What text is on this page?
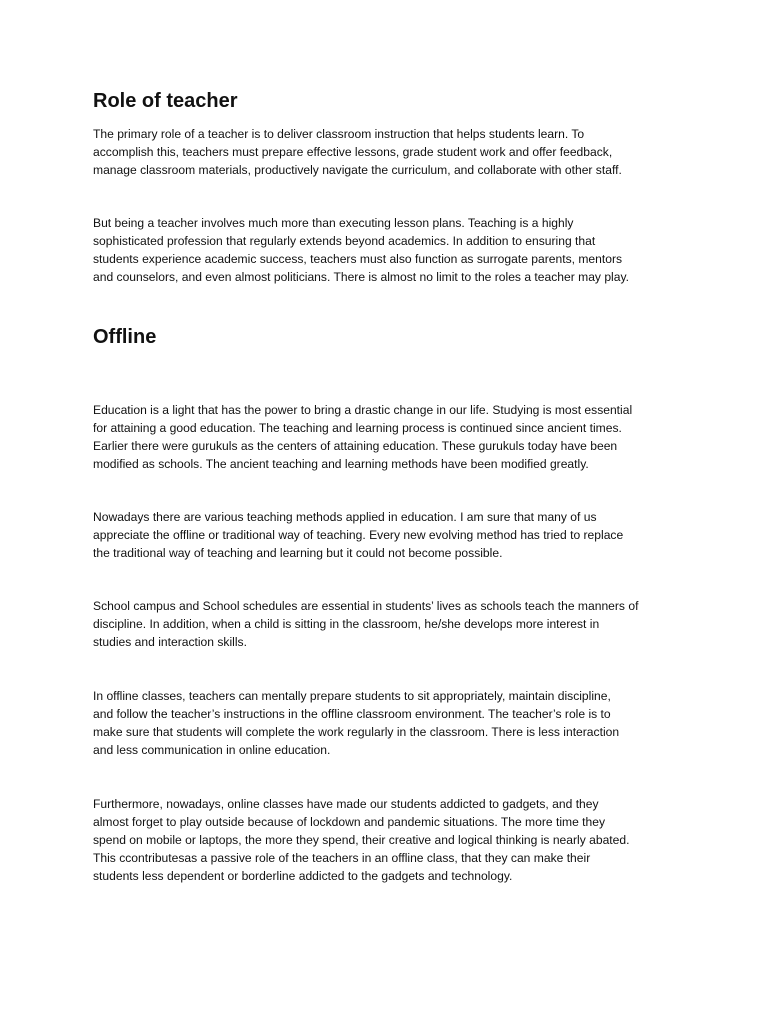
Role of teacher

The primary role of a teacher is to deliver classroom instruction that helps students learn. To
accomplish this, teachers must prepare effective lessons, grade student work and offer feedback,
manage classroom materials, productively navigate the curriculum, and collaborate with other staff.

But being a teacher involves much more than executing lesson plans. Teaching is a highly
sophisticated profession that regularly extends beyond academics. In addition to ensuring that
students experience academic success, teachers must also function as surrogate parents, mentors
and counselors, and even almost politicians. There is almost no limit to the roles a teacher may play.

Offline

Education is a light that has the power to bring a drastic change in our life. Studying is most essential
for attaining a good education. The teaching and learning process is continued since ancient times.
Earlier there were gurukuls as the centers of attaining education. These gurukuls today have been
modified as schools. The ancient teaching and learning methods have been modified greatly.

Nowadays there are various teaching methods applied in education. I am sure that many of us
appreciate the offline or traditional way of teaching. Every new evolving method has tried to replace
the traditional way of teaching and learning but it could not become possible.

School campus and School schedules are essential in students’ lives as schools teach the manners of
discipline. In addition, when a child is sitting in the classroom, he/she develops more interest in
studies and interaction skills.

In offline classes, teachers can mentally prepare students to sit appropriately, maintain discipline,
and follow the teacher’s instructions in the offline classroom environment. The teacher’s role is to
make sure that students will complete the work regularly in the classroom. There is less interaction
and less communication in online education.

Furthermore, nowadays, online classes have made our students addicted to gadgets, and they
almost forget to play outside because of lockdown and pandemic situations. The more time they
spend on mobile or laptops, the more they spend, their creative and logical thinking is nearly abated.
This ccontributesas a passive role of the teachers in an offline class, that they can make their
students less dependent or borderline addicted to the gadgets and technology.
